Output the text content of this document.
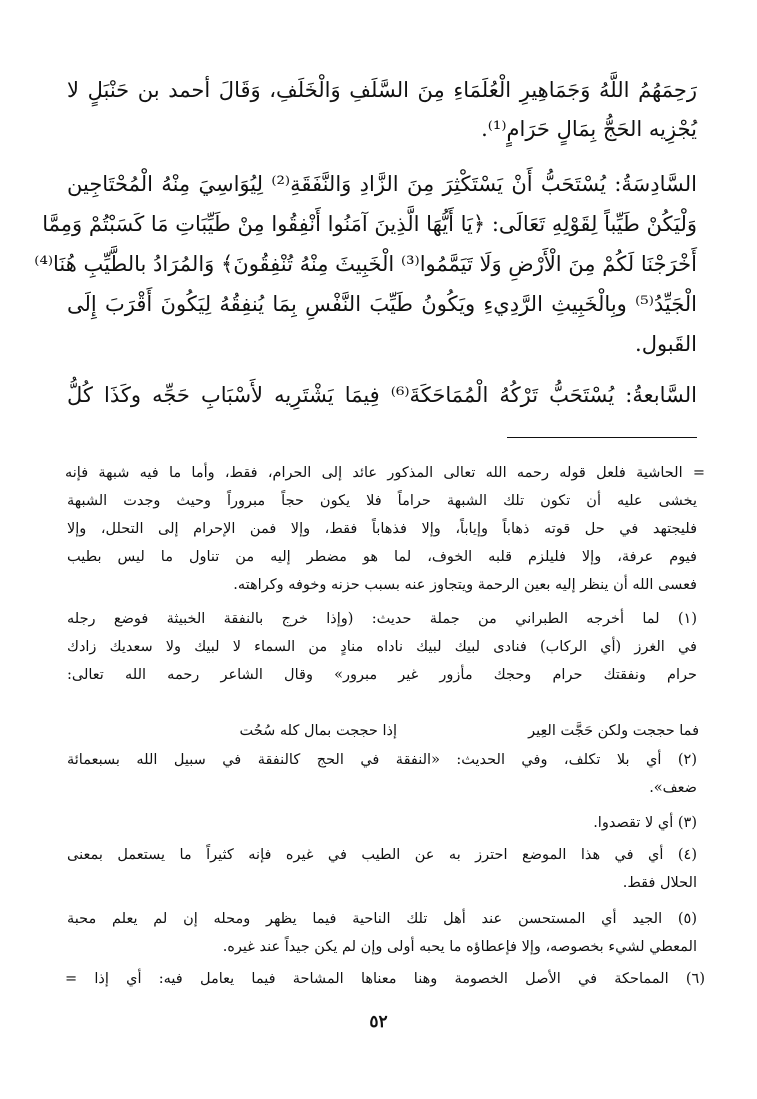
رَحِمَهُمُ اللَّهُ وَجَمَاهِيرِ الْعُلَمَاءِ مِنَ السَّلَفِ وَالْخَلَفِ، وَقَالَ أحمد بن حَنْبَلٍ لا
يُجْزِيه الحَجُّ بِمَالٍ حَرَامٍ⁽¹⁾.
السَّادِسَةُ: يُسْتَحَبُّ أَنْ يَسْتَكْثِرَ مِنَ الزَّادِ وَالنَّفَقَةِ⁽²⁾ لِيُوَاسِيَ مِنْهُ الْمُحْتَاجِين
وَلْيَكُنْ طَيِّباً لِقَوْلِهِ تَعَالَى: ﴿يَا أَيُّهَا الَّذِينَ آمَنُوا أَنْفِقُوا مِنْ طَيِّبَاتِ مَا كَسَبْتُمْ وَمِمَّا
أَخْرَجْنَا لَكُمْ مِنَ الْأَرْضِ وَلَا تَيَمَّمُوا⁽³⁾ الْخَبِيثَ مِنْهُ تُنْفِقُونَ﴾ وَالمُرَادُ بالطَّيِّبِ هُنَا⁽⁴⁾
الْجَيِّدُ⁽⁵⁾ وبِالْخَبِيثِ الرَّدِيءِ ويَكُونُ طَيِّبَ النَّفْسِ بِمَا يُنفِقُهُ لِيَكُونَ أَقْرَبَ إِلَى
القَبول.
السَّابعةُ: يُسْتَحَبُّ تَرْكُهُ الْمُمَاحَكَةَ⁽⁶⁾ فِيمَا يَشْتَرِيه لأَسْبَابِ حَجِّه وكَذَا كُلُّ
= الحاشية فلعل قوله رحمه الله تعالى المذكور عائد إلى الحرام، فقط، وأما ما فيه شبهة فإنه
يخشى عليه أن تكون تلك الشبهة حراماً فلا يكون حجاً مبروراً وحيث وجدت الشبهة
فليجتهد في حل قوته ذهاباً وإياباً، وإلا فذهاباً فقط، وإلا فمن الإحرام إلى التحلل، وإلا
فيوم عرفة، وإلا فليلزم قلبه الخوف، لما هو مضطر إليه من تناول ما ليس بطيب
فعسى الله أن ينظر إليه بعين الرحمة ويتجاوز عنه بسبب حزنه وخوفه وكراهته.
(١) لما أخرجه الطبراني من جملة حديث: (وإذا خرج بالنفقة الخبيثة فوضع رجله
في الغرز (أي الركاب) فنادى لبيك لبيك ناداه منادٍ من السماء لا لبيك ولا سعديك زادك
حرام ونفقتك حرام وحجك مأزور غير مبرور» وقال الشاعر رحمه الله تعالى:
إذا حججت بمال كله سُحُت	فما حججت ولكن حَجَّت العِير
(٢) أي بلا تكلف، وفي الحديث: «النفقة في الحج كالنفقة في سبيل الله بسبعمائة
ضعف».
(٣) أي لا تقصدوا.
(٤) أي في هذا الموضع احترز به عن الطيب في غيره فإنه كثيراً ما يستعمل بمعنى
الحلال فقط.
(٥) الجيد أي المستحسن عند أهل تلك الناحية فيما يظهر ومحله إن لم يعلم محبة
المعطي لشيء بخصوصه، وإلا فإعطاؤه ما يحبه أولى وإن لم يكن جيداً عند غيره.
(٦) المماحكة في الأصل الخصومة وهنا معناها المشاحة فيما يعامل فيه: أي إذا =
٥٢
